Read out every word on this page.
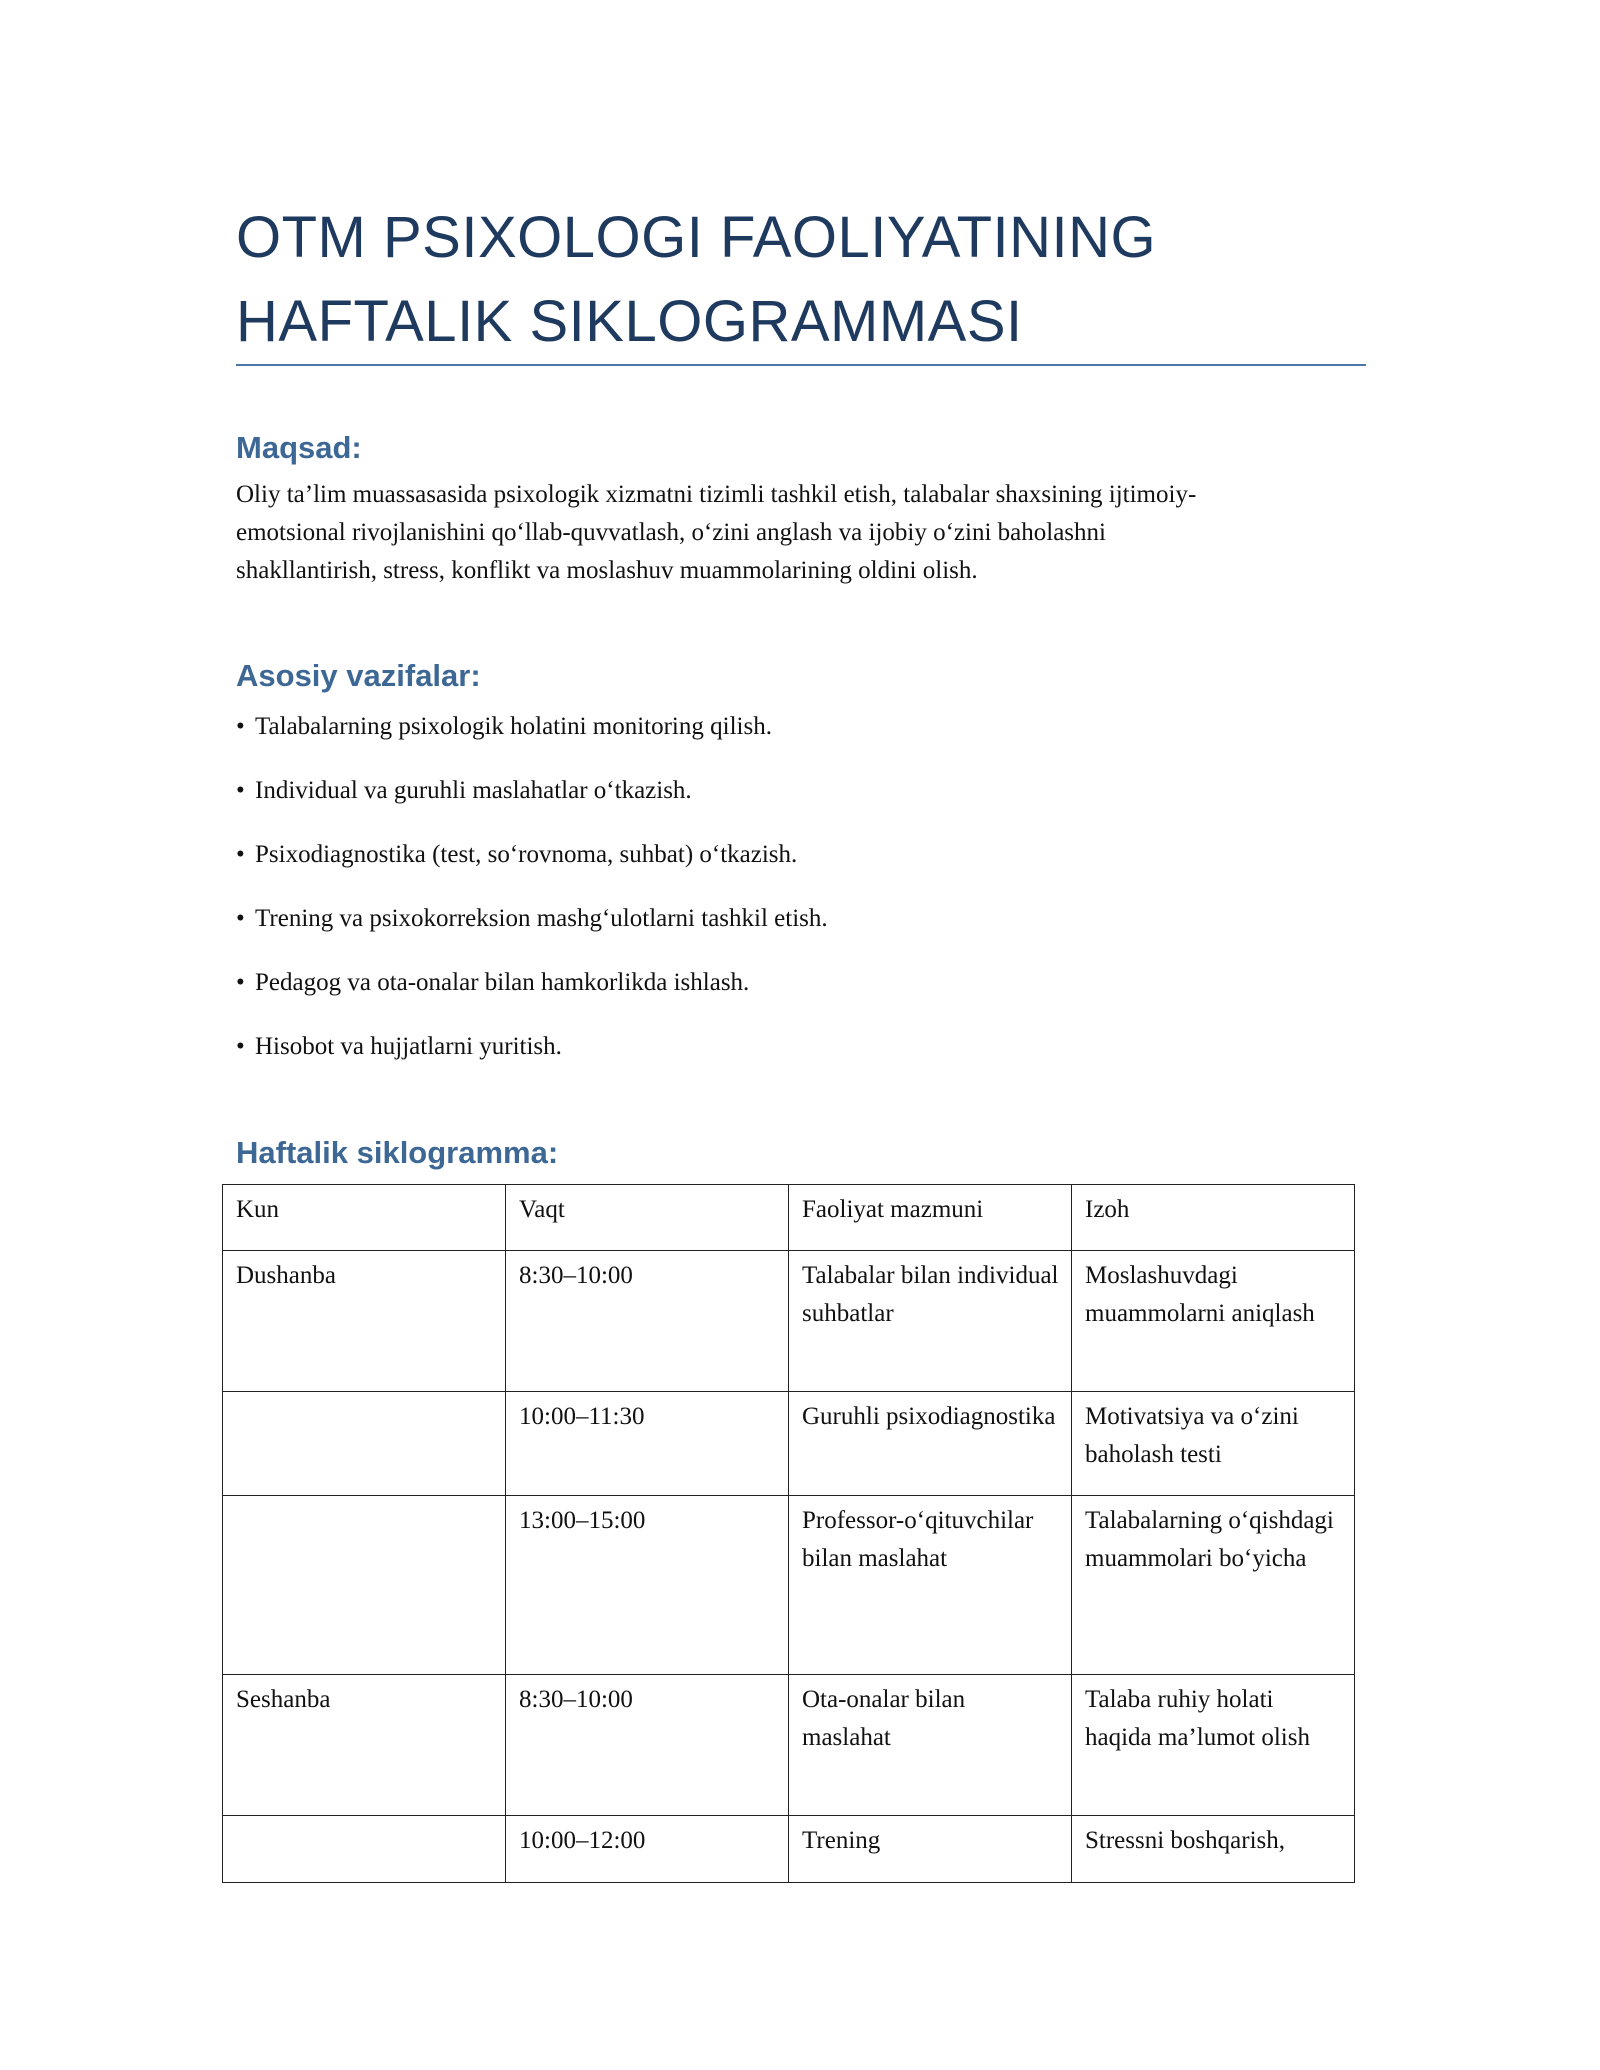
OTM PSIXOLOGI FAOLIYATINING
HAFTALIK SIKLOGRAMMASI
Maqsad:

Oliy ta’lim muassasasida psixologik xizmatni tizimli tashkil etish, talabalar shaxsining ijtimoiy-
emotsional rivojlanishini qo‘llab-quvvatlash, o‘zini anglash va ijobiy o‘zini baholashni
shakllantirish, stress, konflikt va moslashuv muammolarining oldini olish.

Asosiy vazifalar:
• Talabalarning psixologik holatini monitoring qilish.
• Individual va guruhli maslahatlar o‘tkazish.
• Psixodiagnostika (test, so‘rovnoma, suhbat) o‘tkazish.
• Trening va psixokorreksion mashg‘ulotlarni tashkil etish.
• Pedagog va ota-onalar bilan hamkorlikda ishlash.
• Hisobot va hujjatlarni yuritish.
Haftalik siklogramma:
Kun	Vaqt	Faoliyat mazmuni	Izoh
Dushanba	8:30–10:00	Talabalar bilan individual suhbatlar	Moslashuvdagi muammolarni aniqlash
	10:00–11:30	Guruhli psixodiagnostika	Motivatsiya va o‘zini baholash testi
	13:00–15:00	Professor-o‘qituvchilar bilan maslahat	Talabalarning o‘qishdagi muammolari bo‘yicha
Seshanba	8:30–10:00	Ota-onalar bilan maslahat	Talaba ruhiy holati haqida ma’lumot olish
	10:00–12:00	Trening	Stressni boshqarish,
